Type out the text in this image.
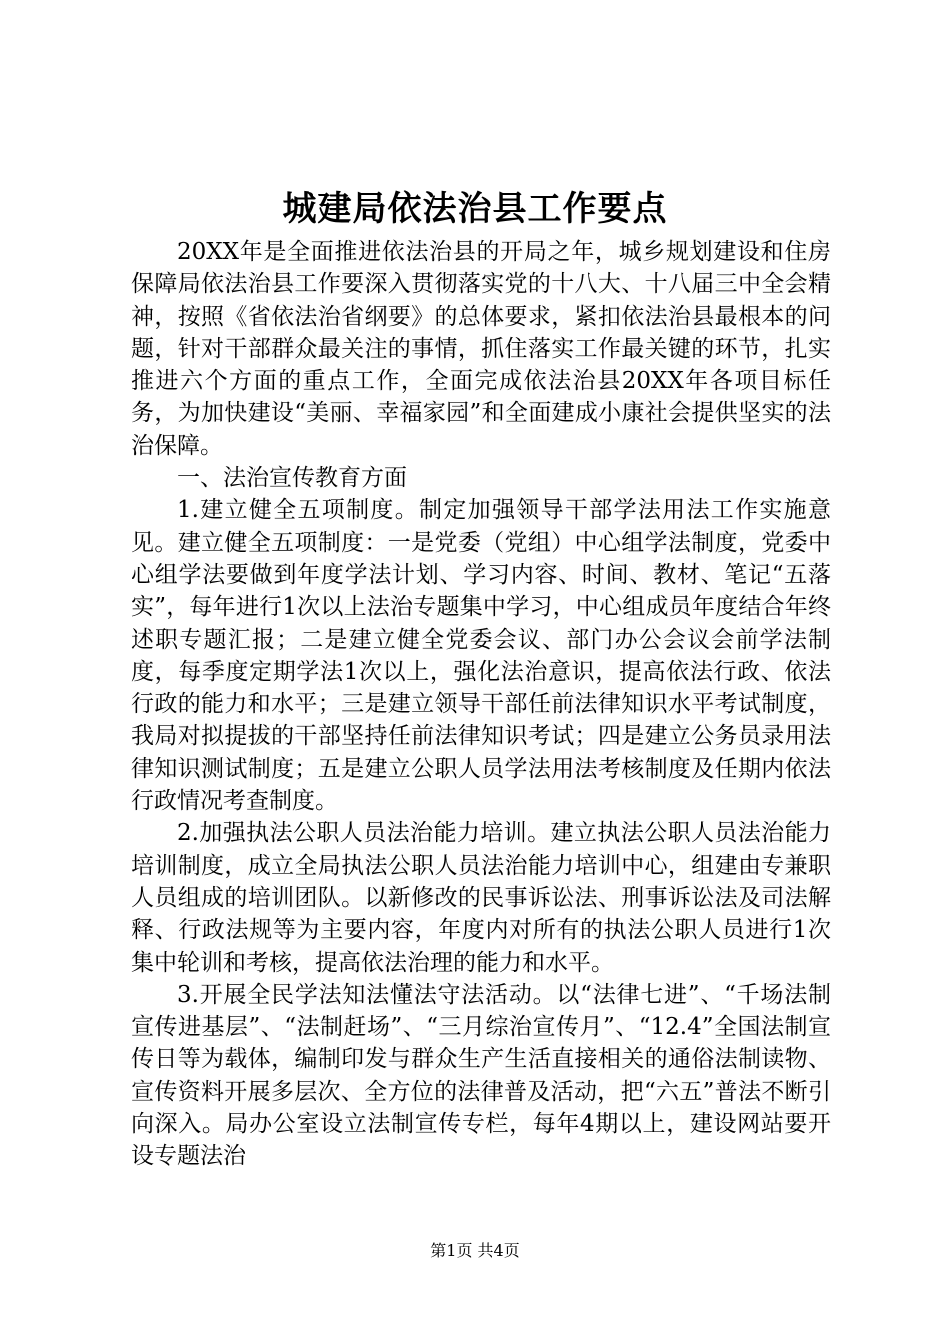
城建局依法治县工作要点

20XX年是全面推进依法治县的开局之年，城乡规划建设和住房保障局依法治县工作要深入贯彻落实党的十八大、十八届三中全会精神，按照《省依法治省纲要》的总体要求，紧扣依法治县最根本的问题，针对干部群众最关注的事情，抓住落实工作最关键的环节，扎实推进六个方面的重点工作，全面完成依法治县20XX年各项目标任务，为加快建设“美丽、幸福家园”和全面建成小康社会提供坚实的法治保障。

一、法治宣传教育方面

1.建立健全五项制度。制定加强领导干部学法用法工作实施意见。建立健全五项制度：一是党委（党组）中心组学法制度，党委中心组学法要做到年度学法计划、学习内容、时间、教材、笔记“五落实”，每年进行1次以上法治专题集中学习，中心组成员年度结合年终述职专题汇报；二是建立健全党委会议、部门办公会议会前学法制度，每季度定期学法1次以上，强化法治意识，提高依法行政、依法行政的能力和水平；三是建立领导干部任前法律知识水平考试制度，我局对拟提拔的干部坚持任前法律知识考试；四是建立公务员录用法律知识测试制度；五是建立公职人员学法用法考核制度及任期内依法行政情况考查制度。

2.加强执法公职人员法治能力培训。建立执法公职人员法治能力培训制度，成立全局执法公职人员法治能力培训中心，组建由专兼职人员组成的培训团队。以新修改的民事诉讼法、刑事诉讼法及司法解释、行政法规等为主要内容，年度内对所有的执法公职人员进行1次集中轮训和考核，提高依法治理的能力和水平。

3.开展全民学法知法懂法守法活动。以“法律七进”、“千场法制宣传进基层”、“法制赶场”、“三月综治宣传月”、“12.4”全国法制宣传日等为载体，编制印发与群众生产生活直接相关的通俗法制读物、宣传资料开展多层次、全方位的法律普及活动，把“六五”普法不断引向深入。局办公室设立法制宣传专栏，每年4期以上，建设网站要开设专题法治

第1页 共4页
